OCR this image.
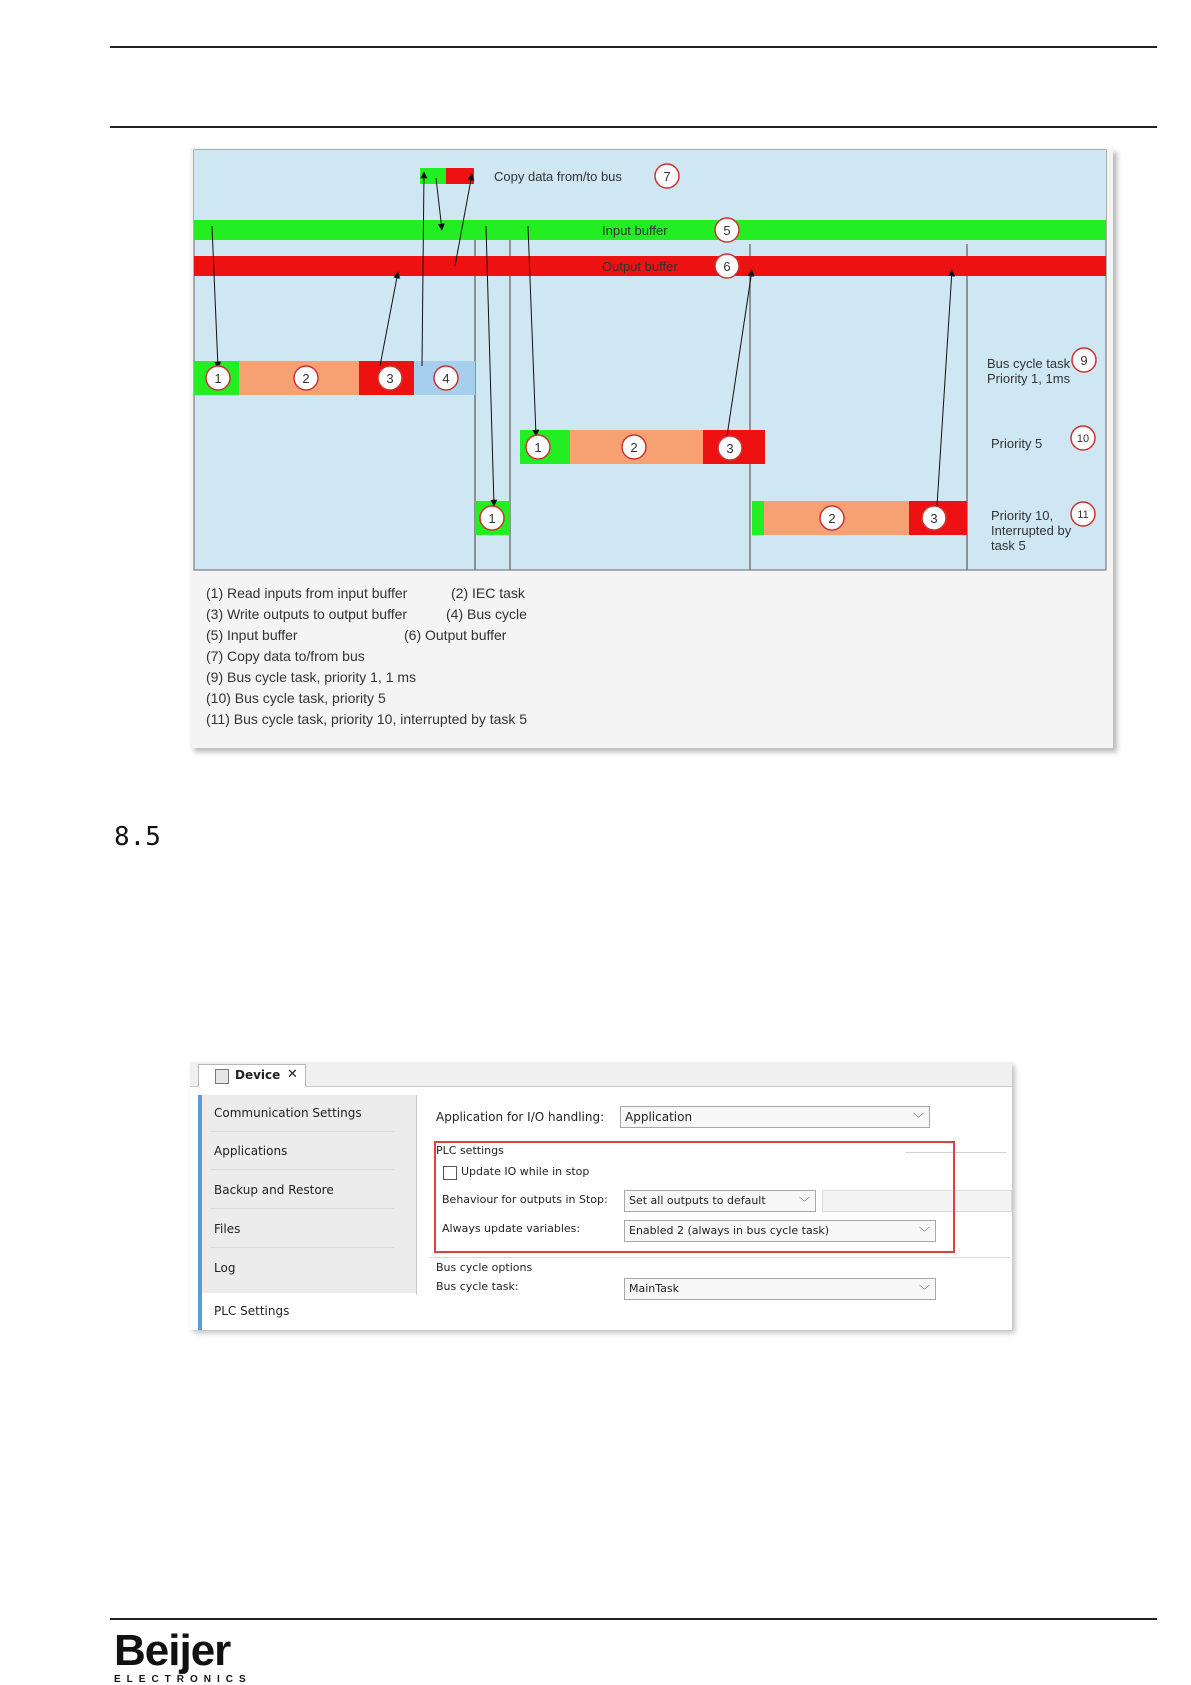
1	2	3	4
1	2	3
1	2	3
5
6
7
9
10
11
Copy data from/to bus
Input buffer
Output buffer
Bus cycle task
Priority 1, 1ms
Priority 5
Priority 10,
Interrupted by
task 5
(1) Read inputs from input buffer	(2) IEC task
(3) Write outputs to output buffer	(4) Bus cycle
(5) Input buffer	(6) Output buffer
(7) Copy data to/from bus
(9) Bus cycle task, priority 1, 1 ms
(10) Bus cycle task, priority 5
(11) Bus cycle task, priority 10, interrupted by task 5
8.5
Device ✕
Communication Settings
Applications
Backup and Restore
Files
Log
PLC Settings
Application for I/O handling: Application	﹀
PLC settings
Update IO while in stop
Behaviour for outputs in Stop: Set all outputs to default	﹀
Always update variables:	Enabled 2 (always in bus cycle task)	﹀
Bus cycle options
Bus cycle task:	MainTask	﹀
Beijer
ELECTRONICS
